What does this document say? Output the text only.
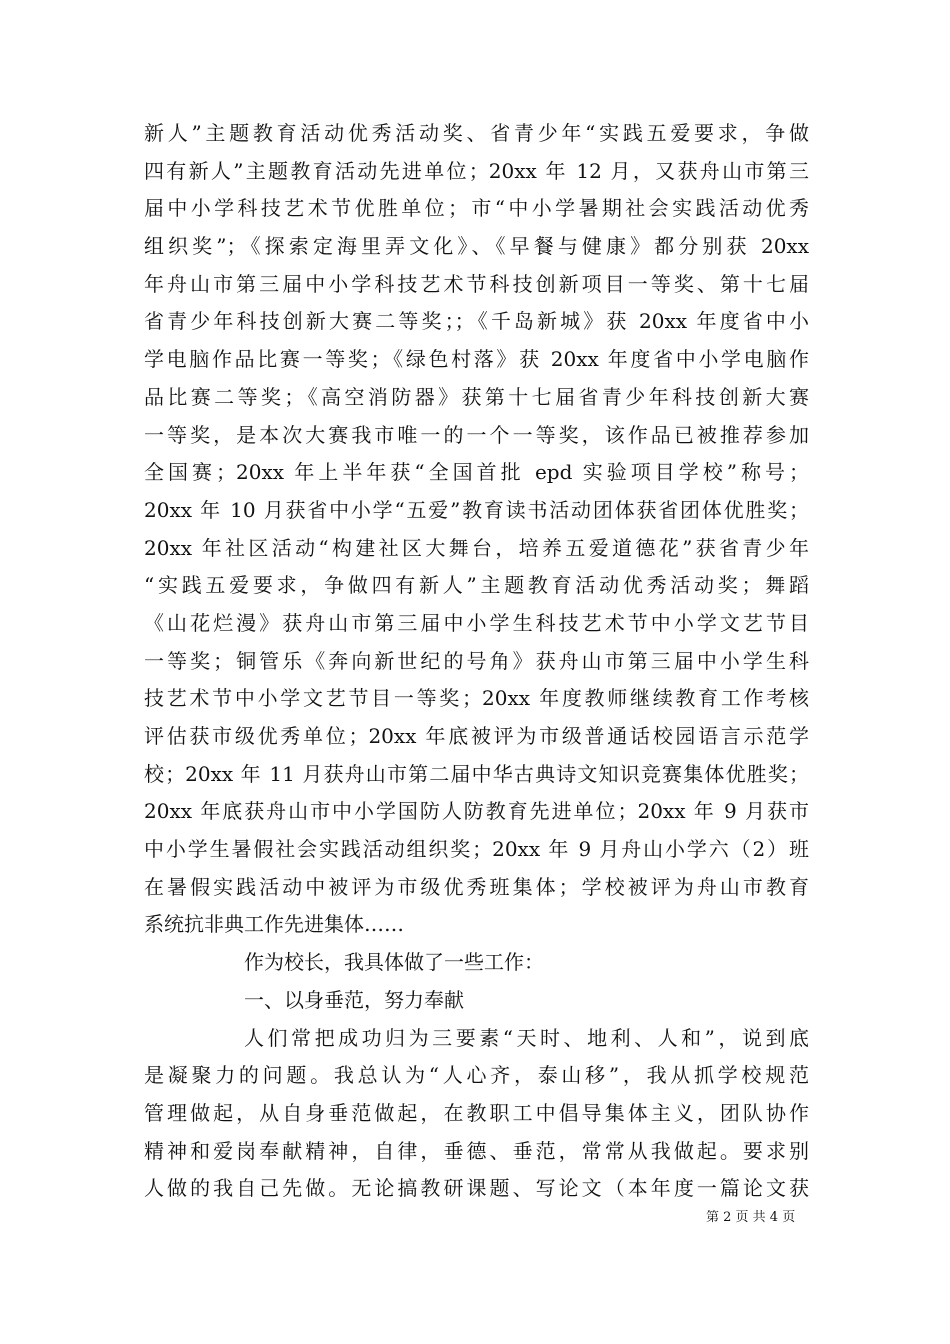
新人”主题教育活动优秀活动奖、省青少年“实践五爱要求，争做
四有新人”主题教育活动先进单位；20xx 年 12 月，又获舟山市第三
届中小学科技艺术节优胜单位；市“中小学暑期社会实践活动优秀
组织奖”；《探索定海里弄文化》、《早餐与健康》都分别获 20xx
年舟山市第三届中小学科技艺术节科技创新项目一等奖、第十七届
省青少年科技创新大赛二等奖；；《千岛新城》获 20xx 年度省中小
学电脑作品比赛一等奖；《绿色村落》获 20xx 年度省中小学电脑作
品比赛二等奖；《高空消防器》获第十七届省青少年科技创新大赛
一等奖，是本次大赛我市唯一的一个一等奖，该作品已被推荐参加
全国赛；20xx 年上半年获“全国首批 epd 实验项目学校”称号；
20xx 年 10 月获省中小学“五爱”教育读书活动团体获省团体优胜奖；
20xx 年社区活动“构建社区大舞台，培养五爱道德花”获省青少年
“实践五爱要求，争做四有新人”主题教育活动优秀活动奖；舞蹈
《山花烂漫》获舟山市第三届中小学生科技艺术节中小学文艺节目
一等奖；铜管乐《奔向新世纪的号角》获舟山市第三届中小学生科
技艺术节中小学文艺节目一等奖；20xx 年度教师继续教育工作考核
评估获市级优秀单位；20xx 年底被评为市级普通话校园语言示范学
校；20xx 年 11 月获舟山市第二届中华古典诗文知识竞赛集体优胜奖；
20xx 年底获舟山市中小学国防人防教育先进单位；20xx 年 9 月获市
中小学生暑假社会实践活动组织奖；20xx 年 9 月舟山小学六（2）班
在暑假实践活动中被评为市级优秀班集体；学校被评为舟山市教育
系统抗非典工作先进集体……
作为校长，我具体做了一些工作：
一、以身垂范，努力奉献
人们常把成功归为三要素“天时、地利、人和”，说到底
是凝聚力的问题。我总认为“人心齐，泰山移”，我从抓学校规范
管理做起，从自身垂范做起，在教职工中倡导集体主义，团队协作
精神和爱岗奉献精神，自律，垂德、垂范，常常从我做起。要求别
人做的我自己先做。无论搞教研课题、写论文（本年度一篇论文获
第 2 页 共 4 页
